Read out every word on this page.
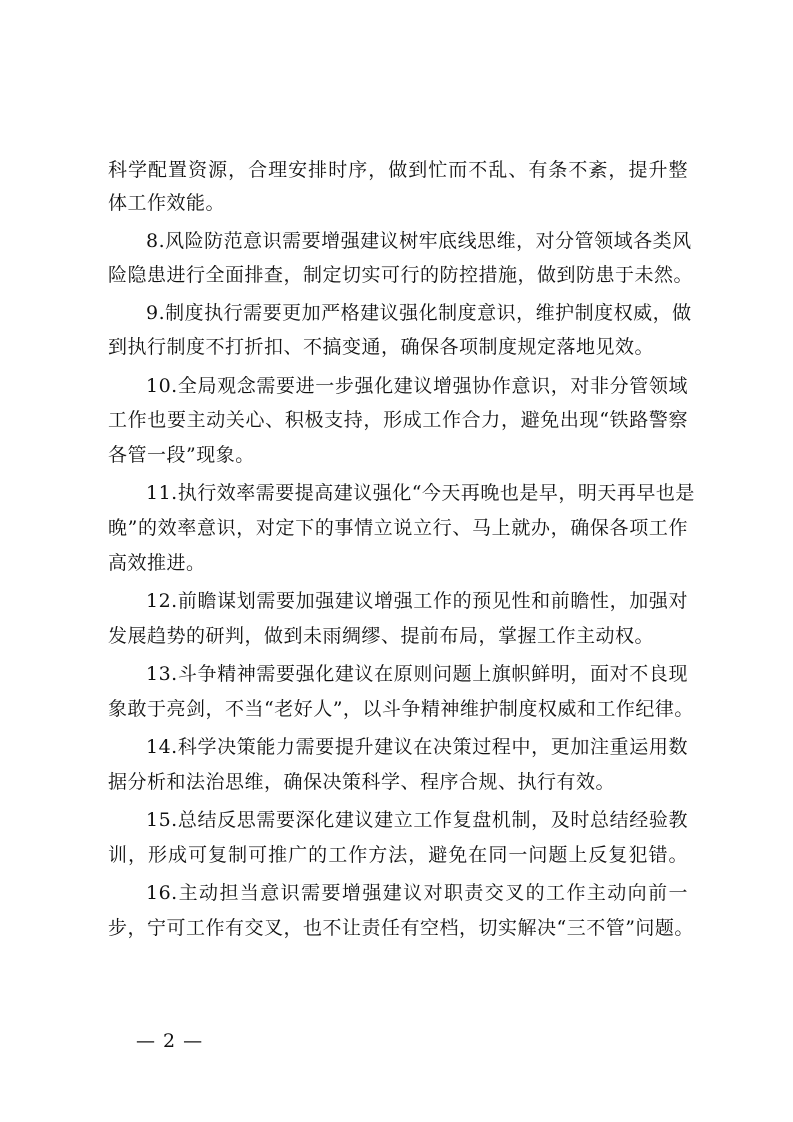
科学配置资源，合理安排时序，做到忙而不乱、有条不紊，提升整
体工作效能。
8.风险防范意识需要增强建议树牢底线思维，对分管领域各类风
险隐患进行全面排查，制定切实可行的防控措施，做到防患于未然。
9.制度执行需要更加严格建议强化制度意识，维护制度权威，做
到执行制度不打折扣、不搞变通，确保各项制度规定落地见效。
10.全局观念需要进一步强化建议增强协作意识，对非分管领域
工作也要主动关心、积极支持，形成工作合力，避免出现“铁路警察
各管一段”现象。
11.执行效率需要提高建议强化“今天再晚也是早，明天再早也是
晚”的效率意识，对定下的事情立说立行、马上就办，确保各项工作
高效推进。
12.前瞻谋划需要加强建议增强工作的预见性和前瞻性，加强对
发展趋势的研判，做到未雨绸缪、提前布局，掌握工作主动权。
13.斗争精神需要强化建议在原则问题上旗帜鲜明，面对不良现
象敢于亮剑，不当“老好人”，以斗争精神维护制度权威和工作纪律。
14.科学决策能力需要提升建议在决策过程中，更加注重运用数
据分析和法治思维，确保决策科学、程序合规、执行有效。
15.总结反思需要深化建议建立工作复盘机制，及时总结经验教
训，形成可复制可推广的工作方法，避免在同一问题上反复犯错。
16.主动担当意识需要增强建议对职责交叉的工作主动向前一
步，宁可工作有交叉，也不让责任有空档，切实解决“三不管”问题。
— 2 —
